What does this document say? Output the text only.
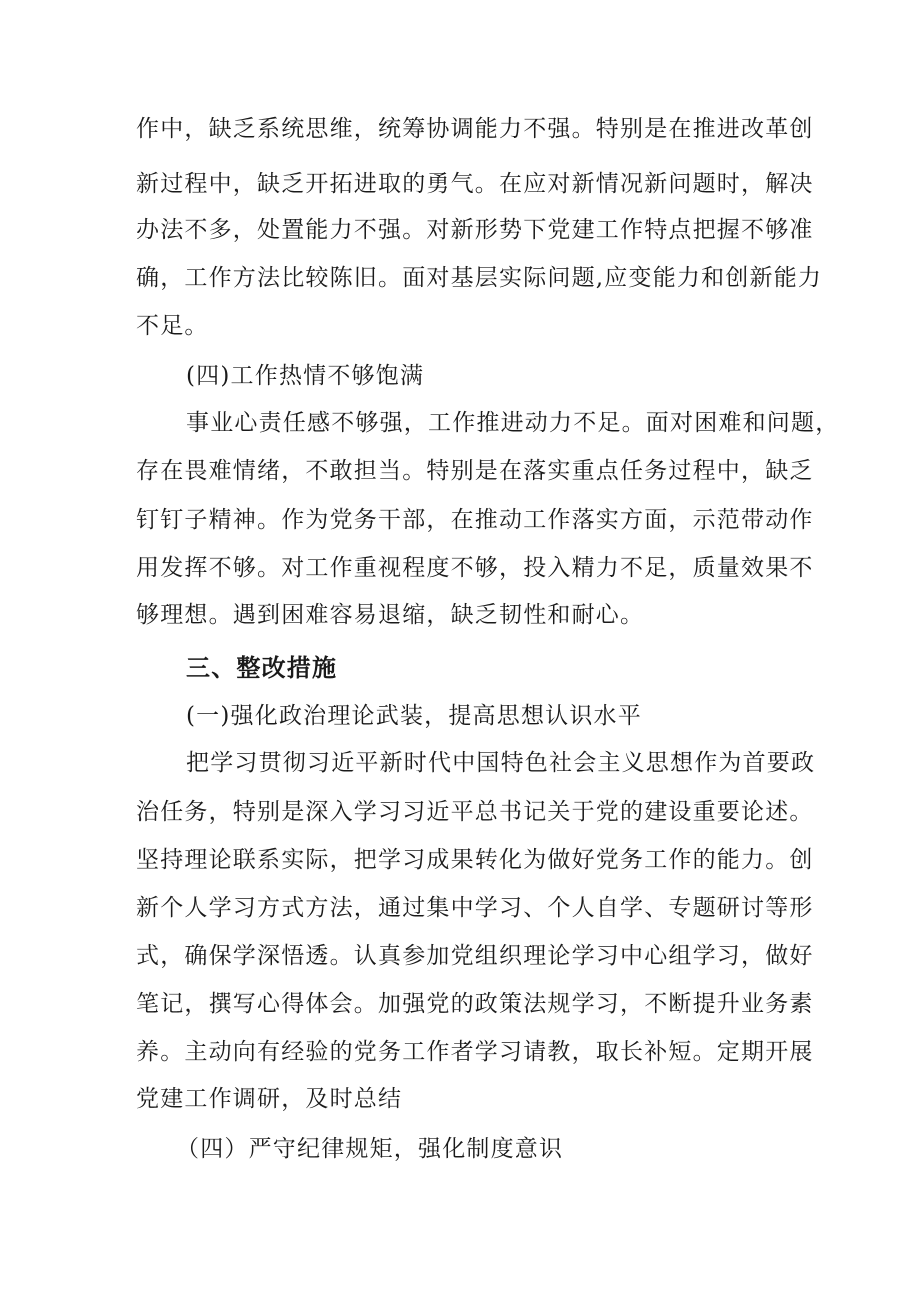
作中，缺乏系统思维，统筹协调能力不强。特别是在推进改革创

新过程中，缺乏开拓进取的勇气。在应对新情况新问题时，解决

办法不多，处置能力不强。对新形势下党建工作特点把握不够准

确，工作方法比较陈旧。面对基层实际问题,应变能力和创新能力

不足。

(四)工作热情不够饱满

事业心责任感不够强，工作推进动力不足。面对困难和问题，

存在畏难情绪，不敢担当。特别是在落实重点任务过程中，缺乏

钉钉子精神。作为党务干部，在推动工作落实方面，示范带动作

用发挥不够。对工作重视程度不够，投入精力不足，质量效果不

够理想。遇到困难容易退缩，缺乏韧性和耐心。

三、整改措施

(一)强化政治理论武装，提高思想认识水平

把学习贯彻习近平新时代中国特色社会主义思想作为首要政

治任务，特别是深入学习习近平总书记关于党的建设重要论述。

坚持理论联系实际，把学习成果转化为做好党务工作的能力。创

新个人学习方式方法，通过集中学习、个人自学、专题研讨等形

式，确保学深悟透。认真参加党组织理论学习中心组学习，做好

笔记，撰写心得体会。加强党的政策法规学习，不断提升业务素

养。主动向有经验的党务工作者学习请教，取长补短。定期开展

党建工作调研，及时总结

（四）严守纪律规矩，强化制度意识
